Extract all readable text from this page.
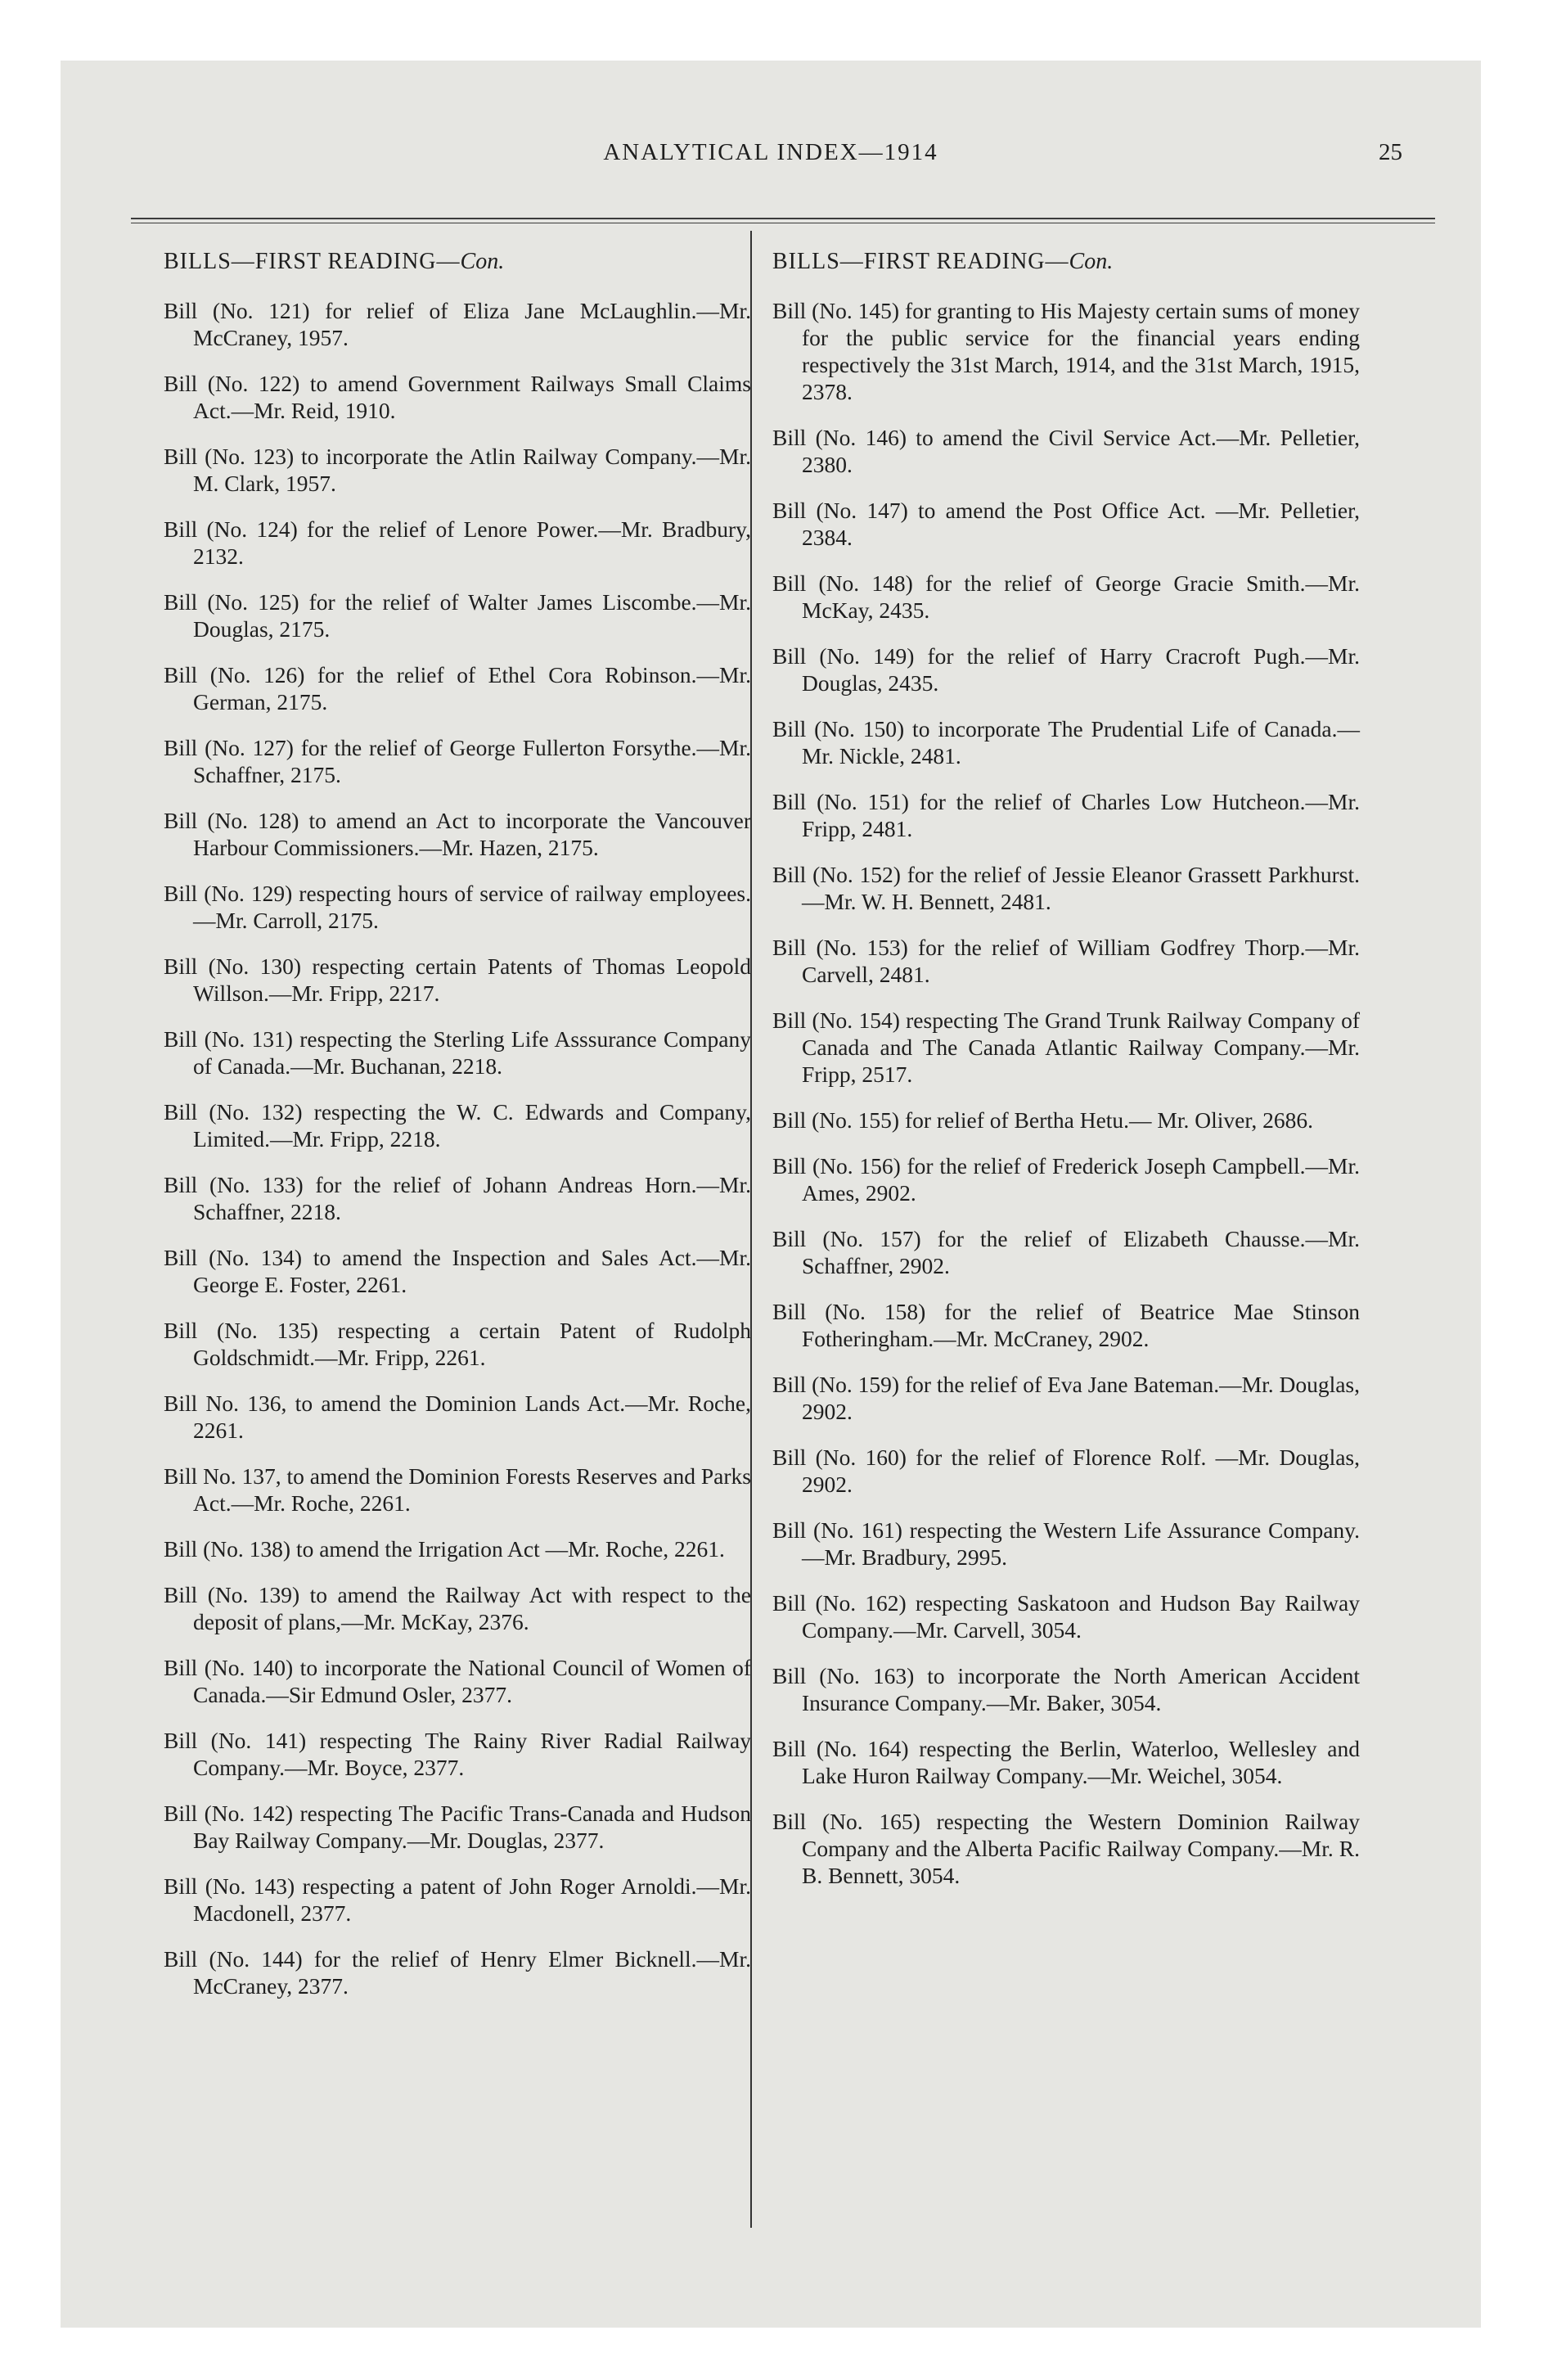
ANALYTICAL INDEX—1914	25
BILLS—FIRST READING—Con.

Bill (No. 121) for relief of Eliza Jane McLaughlin.—Mr. McCraney, 1957.

Bill (No. 122) to amend Government Railways Small Claims Act.—Mr. Reid, 1910.

Bill (No. 123) to incorporate the Atlin Railway Company.—Mr. M. Clark, 1957.

Bill (No. 124) for the relief of Lenore Power.—Mr. Bradbury, 2132.

Bill (No. 125) for the relief of Walter James Liscombe.—Mr. Douglas, 2175.

Bill (No. 126) for the relief of Ethel Cora Robinson.—Mr. German, 2175.

Bill (No. 127) for the relief of George Fullerton Forsythe.—Mr. Schaffner, 2175.

Bill (No. 128) to amend an Act to incorporate the Vancouver Harbour Commissioners.—Mr. Hazen, 2175.

Bill (No. 129) respecting hours of service of railway employees.—Mr. Carroll, 2175.

Bill (No. 130) respecting certain Patents of Thomas Leopold Willson.—Mr. Fripp, 2217.

Bill (No. 131) respecting the Sterling Life Asssurance Company of Canada.—Mr. Buchanan, 2218.

Bill (No. 132) respecting the W. C. Edwards and Company, Limited.—Mr. Fripp, 2218.

Bill (No. 133) for the relief of Johann Andreas Horn.—Mr. Schaffner, 2218.

Bill (No. 134) to amend the Inspection and Sales Act.—Mr. George E. Foster, 2261.

Bill (No. 135) respecting a certain Patent of Rudolph Goldschmidt.—Mr. Fripp, 2261.

Bill No. 136, to amend the Dominion Lands Act.—Mr. Roche, 2261.

Bill No. 137, to amend the Dominion Forests Reserves and Parks Act.—Mr. Roche, 2261.

Bill (No. 138) to amend the Irrigation Act —Mr. Roche, 2261.

Bill (No. 139) to amend the Railway Act with respect to the deposit of plans,—Mr. McKay, 2376.

Bill (No. 140) to incorporate the National Council of Women of Canada.—Sir Edmund Osler, 2377.

Bill (No. 141) respecting The Rainy River Radial Railway Company.—Mr. Boyce, 2377.

Bill (No. 142) respecting The Pacific Trans-Canada and Hudson Bay Railway Company.—Mr. Douglas, 2377.

Bill (No. 143) respecting a patent of John Roger Arnoldi.—Mr. Macdonell, 2377.

Bill (No. 144) for the relief of Henry Elmer Bicknell.—Mr. McCraney, 2377.

BILLS—FIRST READING—Con.

Bill (No. 145) for granting to His Majesty certain sums of money for the public service for the financial years ending respectively the 31st March, 1914, and the 31st March, 1915, 2378.

Bill (No. 146) to amend the Civil Service Act.—Mr. Pelletier, 2380.

Bill (No. 147) to amend the Post Office Act. —Mr. Pelletier, 2384.

Bill (No. 148) for the relief of George Gracie Smith.—Mr. McKay, 2435.

Bill (No. 149) for the relief of Harry Cracroft Pugh.—Mr. Douglas, 2435.

Bill (No. 150) to incorporate The Prudential Life of Canada.—Mr. Nickle, 2481.

Bill (No. 151) for the relief of Charles Low Hutcheon.—Mr. Fripp, 2481.

Bill (No. 152) for the relief of Jessie Eleanor Grassett Parkhurst.—Mr. W. H. Bennett, 2481.

Bill (No. 153) for the relief of William Godfrey Thorp.—Mr. Carvell, 2481.

Bill (No. 154) respecting The Grand Trunk Railway Company of Canada and The Canada Atlantic Railway Company.—Mr. Fripp, 2517.

Bill (No. 155) for relief of Bertha Hetu.— Mr. Oliver, 2686.

Bill (No. 156) for the relief of Frederick Joseph Campbell.—Mr. Ames, 2902.

Bill (No. 157) for the relief of Elizabeth Chausse.—Mr. Schaffner, 2902.

Bill (No. 158) for the relief of Beatrice Mae Stinson Fotheringham.—Mr. McCraney, 2902.

Bill (No. 159) for the relief of Eva Jane Bateman.—Mr. Douglas, 2902.

Bill (No. 160) for the relief of Florence Rolf. —Mr. Douglas, 2902.

Bill (No. 161) respecting the Western Life Assurance Company.—Mr. Bradbury, 2995.

Bill (No. 162) respecting Saskatoon and Hudson Bay Railway Company.—Mr. Carvell, 3054.

Bill (No. 163) to incorporate the North American Accident Insurance Company.—Mr. Baker, 3054.

Bill (No. 164) respecting the Berlin, Waterloo, Wellesley and Lake Huron Railway Company.—Mr. Weichel, 3054.

Bill (No. 165) respecting the Western Dominion Railway Company and the Alberta Pacific Railway Company.—Mr. R. B. Bennett, 3054.
